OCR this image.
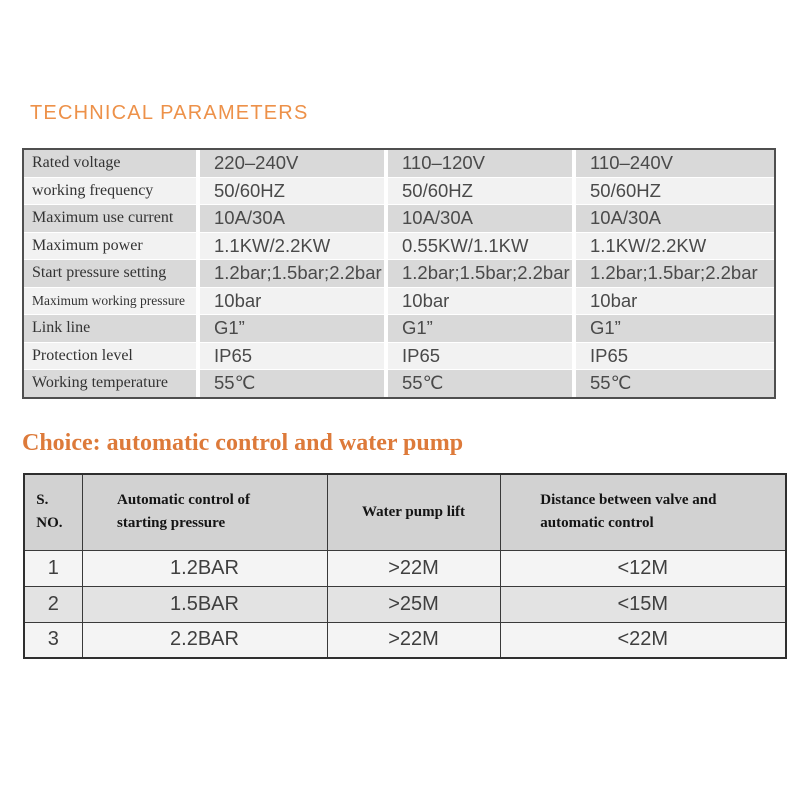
TECHNICAL PARAMETERS
Rated voltage	220–240V	110–120V	110–240V
working frequency	50/60HZ	50/60HZ	50/60HZ
Maximum use current	10A/30A	10A/30A	10A/30A
Maximum power	1.1KW/2.2KW	0.55KW/1.1KW	1.1KW/2.2KW
Start pressure setting	1.2bar;1.5bar;2.2bar	1.2bar;1.5bar;2.2bar	1.2bar;1.5bar;2.2bar
Maximum working pressure	10bar	10bar	10bar
Link line	G1”	G1”	G1”
Protection level	IP65	IP65	IP65
Working temperature	55℃	55℃	55℃
Choice: automatic control and water pump
S. NO.	Automatic control of starting pressure	Water pump lift	Distance between valve and automatic control
1	1.2BAR	>22M	<12M
2	1.5BAR	>25M	<15M
3	2.2BAR	>22M	<22M
